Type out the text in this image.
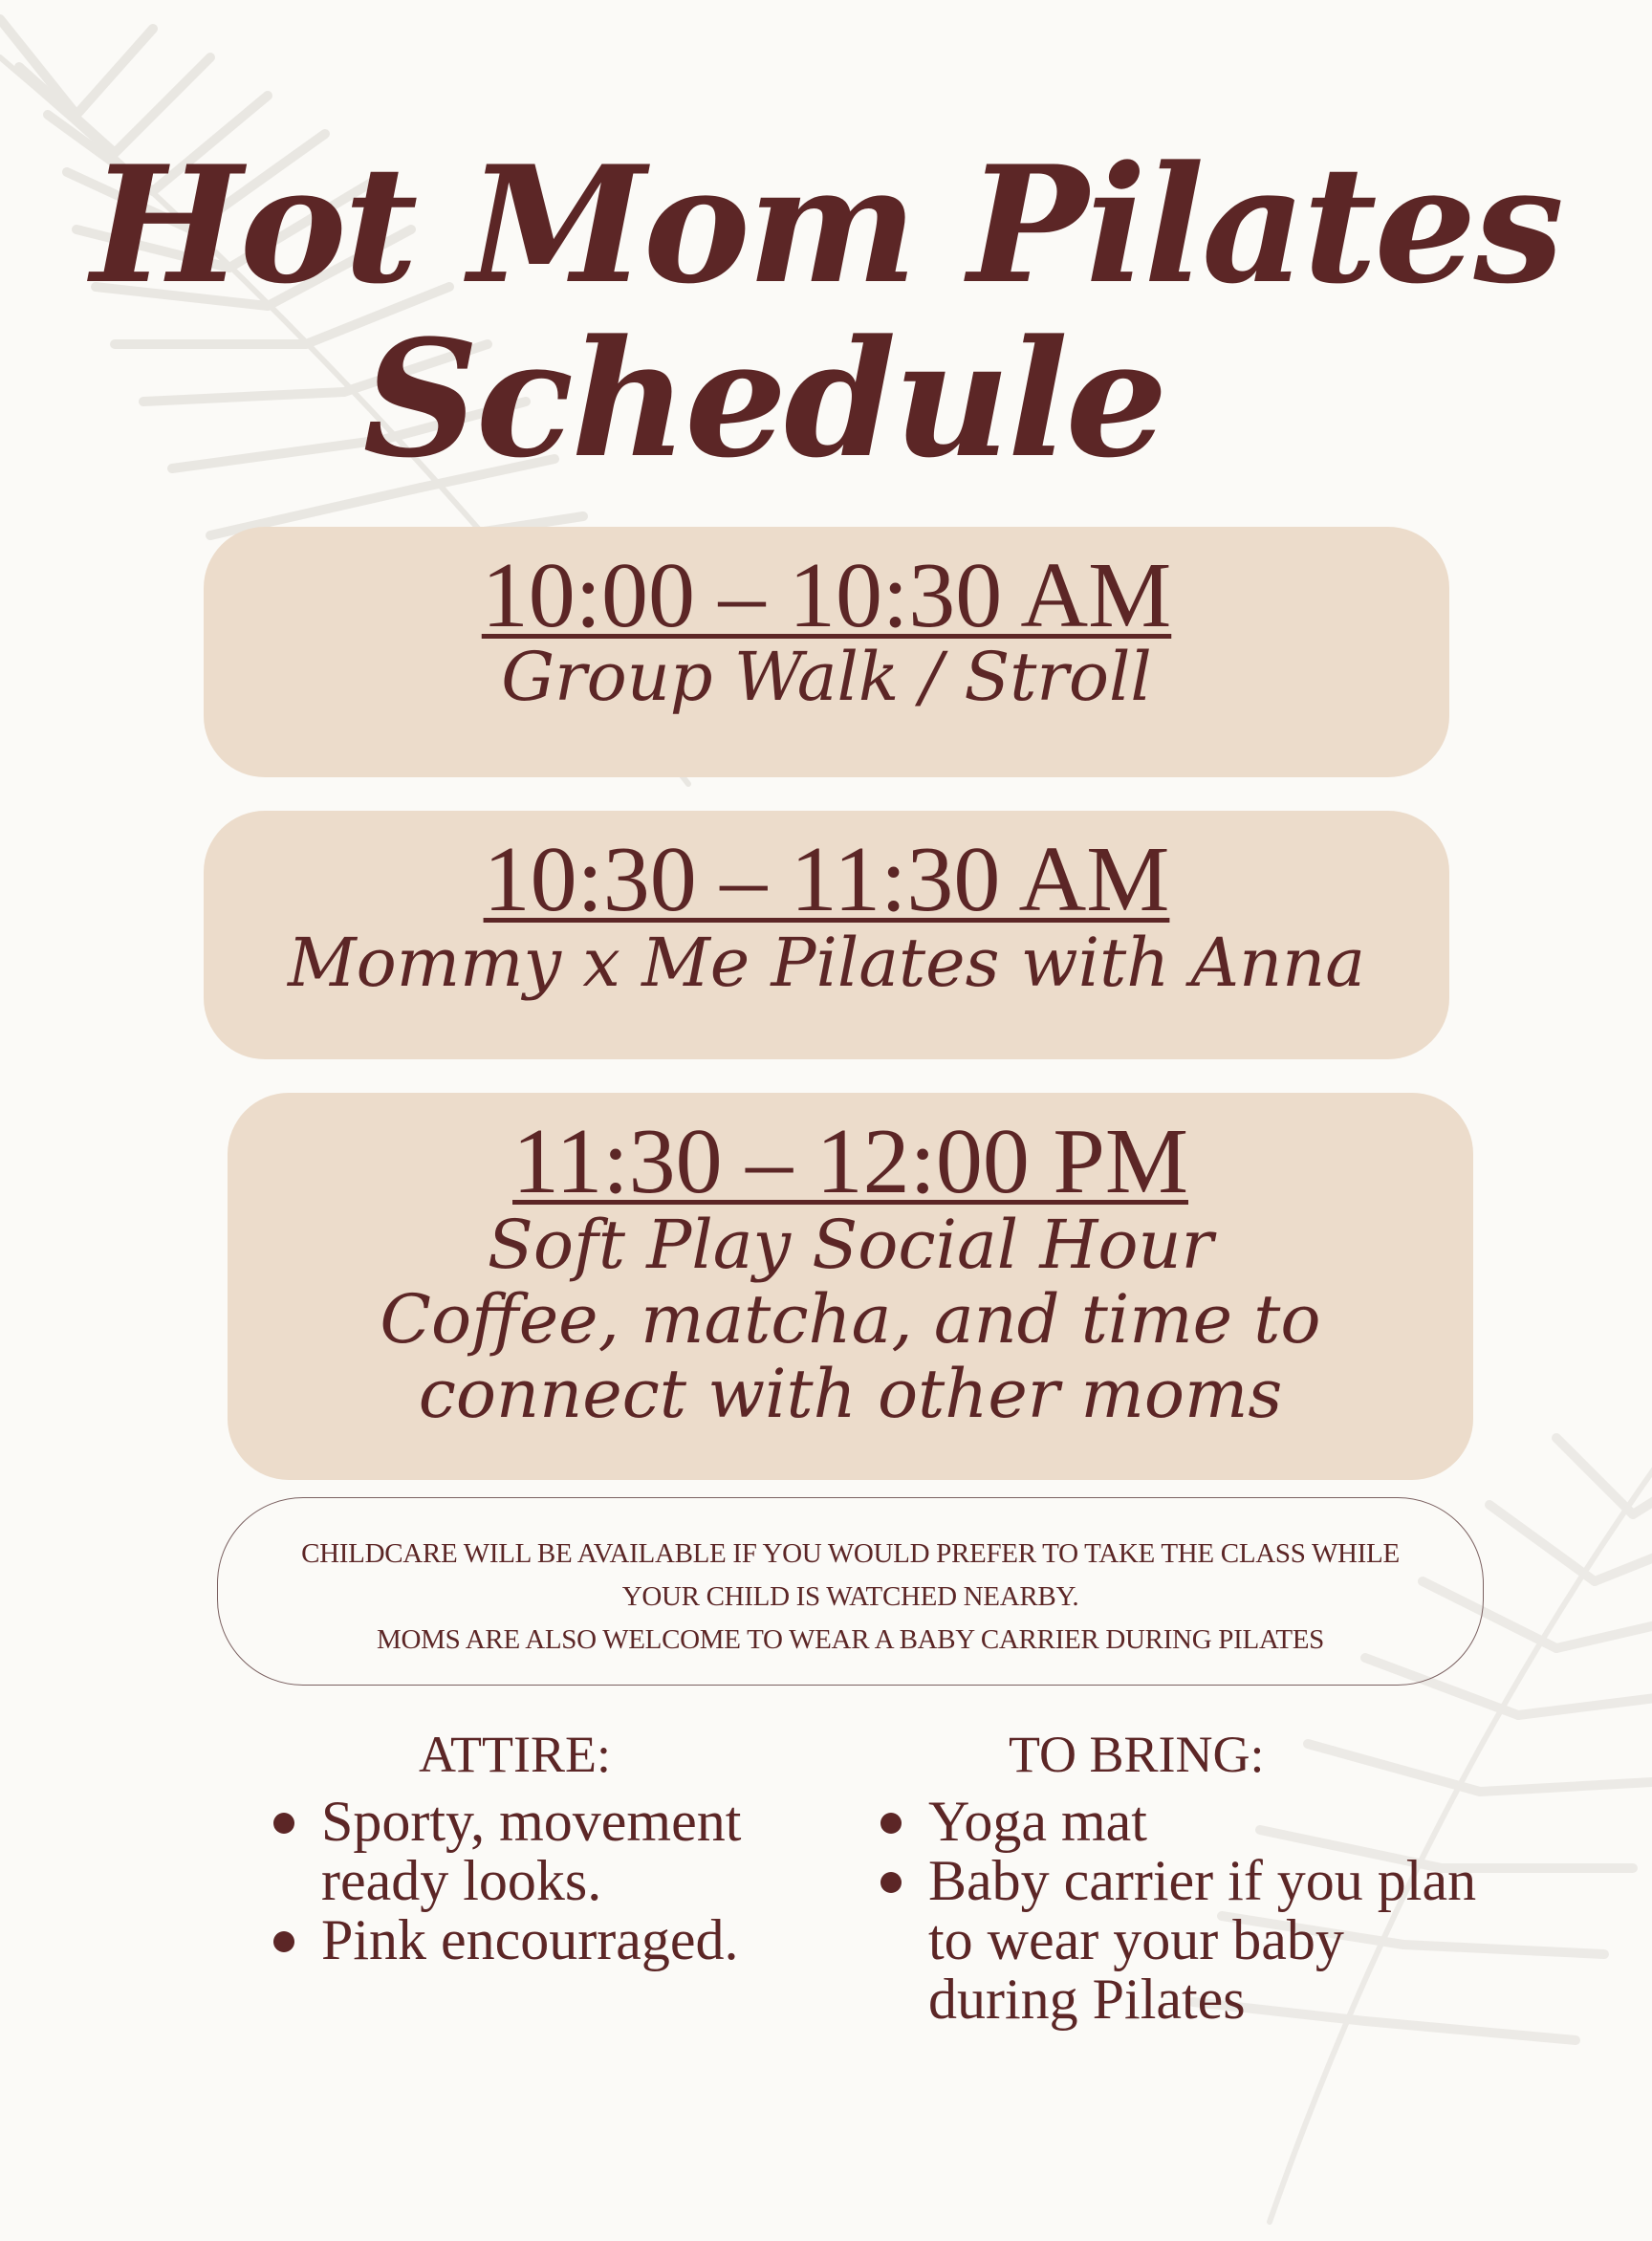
Hot Mom Pilates
Schedule
10:00 – 10:30 AM
Group Walk / Stroll
10:30 – 11:30 AM
Mommy x Me Pilates with Anna
11:30 – 12:00 PM
Soft Play Social Hour
Coffee, matcha, and time to
connect with other moms
CHILDCARE WILL BE AVAILABLE IF YOU WOULD PREFER TO TAKE THE CLASS WHILE
YOUR CHILD IS WATCHED NEARBY.
MOMS ARE ALSO WELCOME TO WEAR A BABY CARRIER DURING PILATES
ATTIRE:
Sporty, movement ready looks.
Pink encourraged.
TO BRING:
Yoga mat
Baby carrier if you plan to wear your baby during Pilates
